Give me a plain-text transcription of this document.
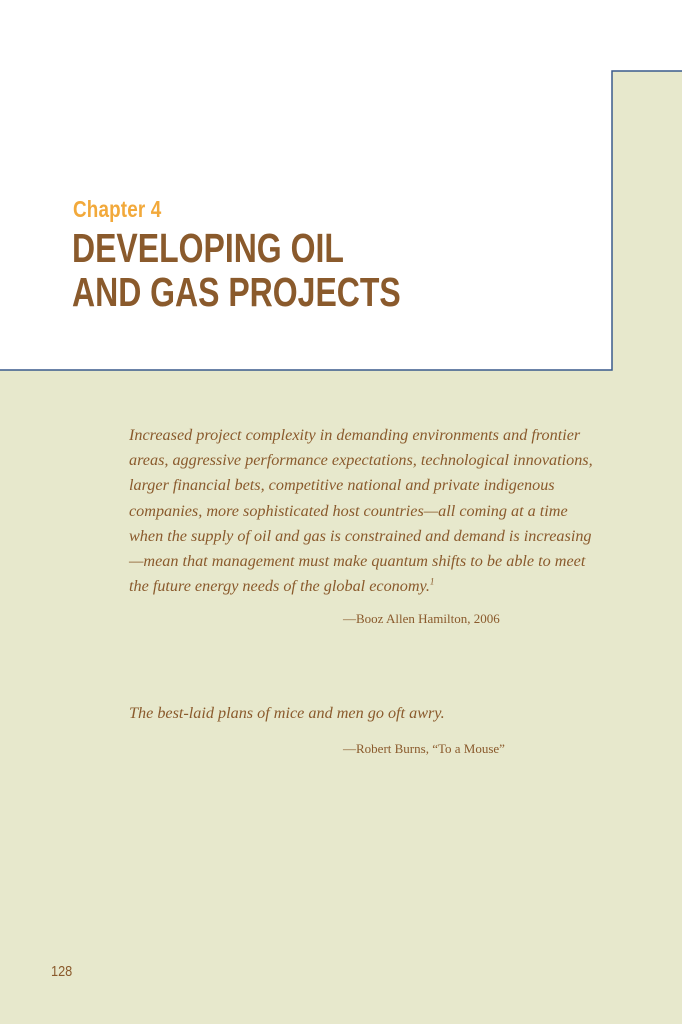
Chapter 4
DEVELOPING OIL
AND GAS PROJECTS

Increased project complexity in demanding environments and frontier areas, aggressive performance expectations, technological innovations, larger financial bets, competitive national and private indigenous companies, more sophisticated host countries—all coming at a time when the supply of oil and gas is constrained and demand is increasing—mean that management must make quantum shifts to be able to meet the future energy needs of the global economy.$^1$

—Booz Allen Hamilton, 2006

The best-laid plans of mice and men go oft awry.

—Robert Burns, “To a Mouse”
128
